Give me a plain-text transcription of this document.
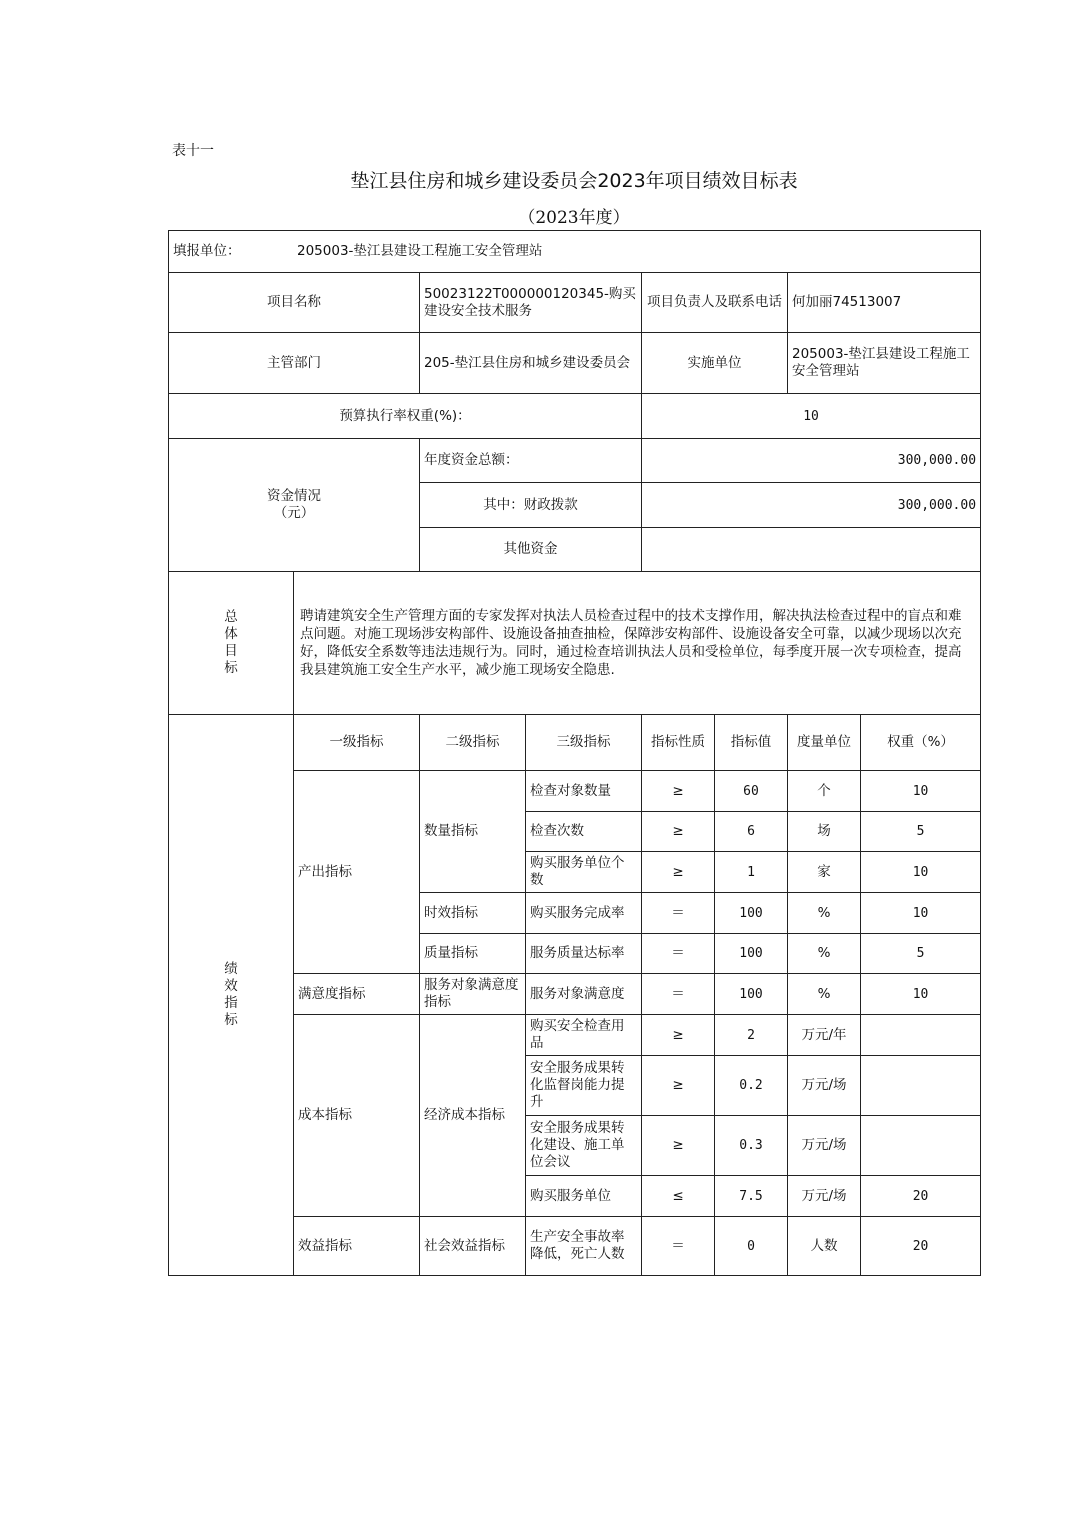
表十一
垫江县住房和城乡建设委员会2023年项目绩效目标表
（2023年度）
填报单位： 205003-垫江县建设工程施工安全管理站							
项目名称		50023122T000000120345-购买建设安全技术服务		项目负责人及联系电话		何加丽74513007	
主管部门		205-垫江县住房和城乡建设委员会		实施单位		205003-垫江县建设工程施工安全管理站	
预算执行率权重(%)：				10			

资金情况
（元）		年度资金总额：		300,000.00			
		其中：财政拨款		300,000.00			
		其他资金					

总
体
目
标	聘请建筑安全生产管理方面的专家发挥对执法人员检查过程中的技术支撑作用，解决执法检查过程中的盲点和难点问题。对施工现场涉安构部件、设施设备抽查抽检，保障涉安构部件、设施设备安全可靠，以减少现场以次充好，降低安全系数等违法违规行为。同时，通过检查培训执法人员和受检单位，每季度开展一次专项检查，提高我县建筑施工安全生产水平，减少施工现场安全隐患.						

绩
效
指
标	一级指标	二级指标	三级指标	指标性质	指标值	度量单位	权重（%）
	产出指标	数量指标	检查对象数量	≥	60	个	10
			检查次数	≥	6	场	5
			购买服务单位个数	≥	1	家	10
		时效指标	购买服务完成率	＝	100	%	10
		质量指标	服务质量达标率	＝	100	%	5
	满意度指标	服务对象满意度指标	服务对象满意度	＝	100	%	10
	成本指标	经济成本指标	购买安全检查用品	≥	2	万元/年	
			安全服务成果转化监督岗能力提升	≥	0.2	万元/场	
			安全服务成果转化建设、施工单位会议	≥	0.3	万元/场	
			购买服务单位	≤	7.5	万元/场	20
	效益指标	社会效益指标	生产安全事故率降低，死亡人数	＝	0	人数	20
